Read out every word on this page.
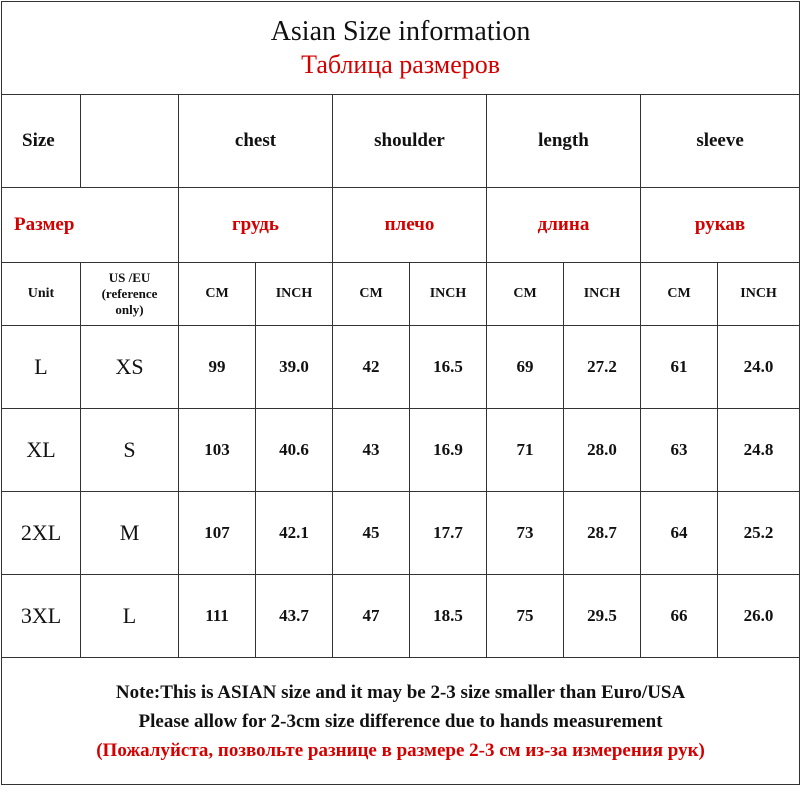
Asian Size information
Таблица размеров									

Size		chest		shoulder		length		sleeve	
Размер		грудь		плечо		длина		рукав	
Unit	US /EU
(reference
only)	CM	INCH	CM	INCH	CM	INCH	CM	INCH
L	XS	99	39.0	42	16.5	69	27.2	61	24.0
XL	S	103	40.6	43	16.9	71	28.0	63	24.8
2XL	M	107	42.1	45	17.7	73	28.7	64	25.2
3XL	L	111	43.7	47	18.5	75	29.5	66	26.0

Note:This is ASIAN size and it may be 2-3 size smaller than Euro/USA
Please allow for 2-3cm size difference due to hands measurement
(Пожалуйста, позвольте разнице в размере 2-3 см из-за измерения рук)									
